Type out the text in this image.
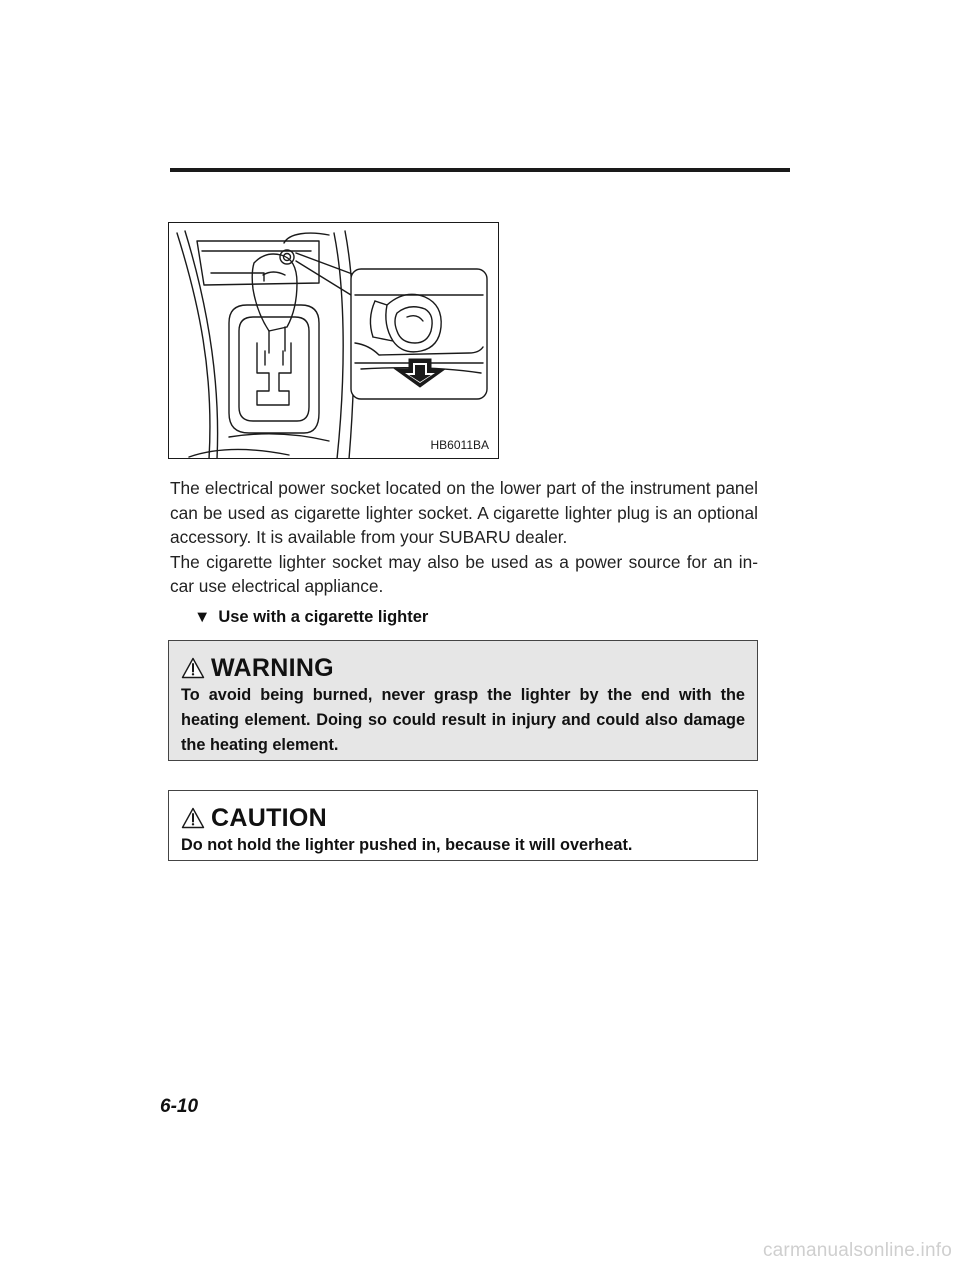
HB6011BA

The electrical power socket located on the lower part of the instrument panel can be used as cigarette lighter socket. A cigarette lighter plug is an optional accessory. It is available from your SUBARU dealer.

The cigarette lighter socket may also be used as a power source for an in-car use electrical appliance.

▼ Use with a cigarette lighter
WARNING
To avoid being burned, never grasp the lighter by the end with the heating element. Doing so could result in injury and could also damage the heating element.
CAUTION
Do not hold the lighter pushed in, because it will overheat.
6-10
carmanualsonline.info
